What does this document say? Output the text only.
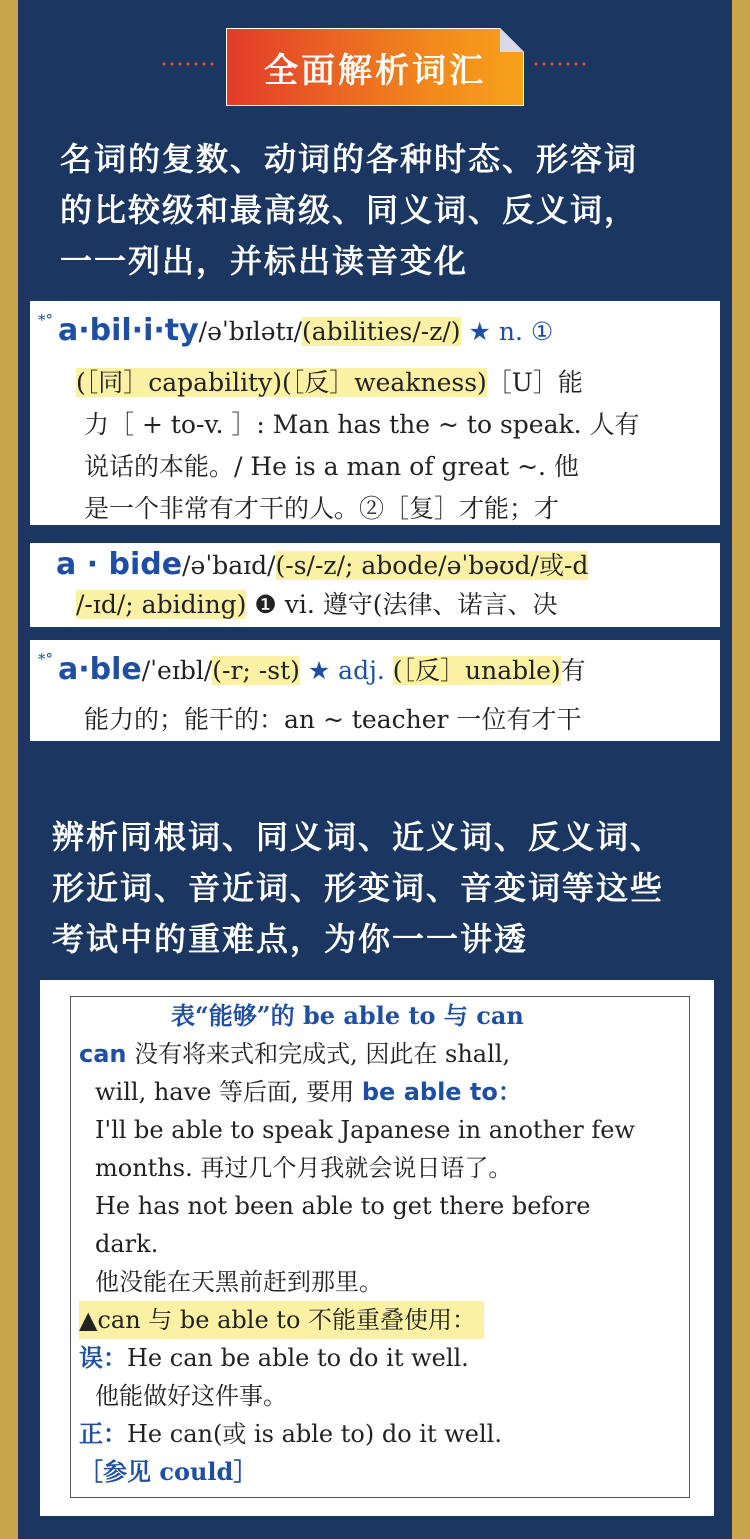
全面解析词汇
名词的复数、动词的各种时态、形容词
的比较级和最高级、同义词、反义词，
一一列出，并标出读音变化
*° a·bil·i·ty/əˈbɪlətɪ/(abilities/-z/) ★ n. ①
(［同］capability)(［反］weakness)［U］能
力［ + to-v. ］: Man has the ~ to speak. 人有
说话的本能。/ He is a man of great ~. 他
是一个非常有才干的人。②［复］才能；才
a · bide/əˈbaɪd/(-s/-z/; abode/əˈbəʊd/或-d
/-ɪd/; abiding) ❶ vi. 遵守(法律、诺言、决
*° a·ble/ˈeɪbl/(-r; -st) ★ adj. (［反］unable)有
能力的；能干的：an ~ teacher 一位有才干
辨析同根词、同义词、近义词、反义词、
形近词、音近词、形变词、音变词等这些
考试中的重难点，为你一一讲透
表“能够”的 be able to 与 can
can 没有将来式和完成式, 因此在 shall,
will, have 等后面, 要用 be able to：
I'll be able to speak Japanese in another few
months. 再过几个月我就会说日语了。
He has not been able to get there before
dark.
他没能在天黑前赶到那里。
▲can 与 be able to 不能重叠使用：
误：He can be able to do it well.
他能做好这件事。
正：He can(或 is able to) do it well.
［参见 could］
